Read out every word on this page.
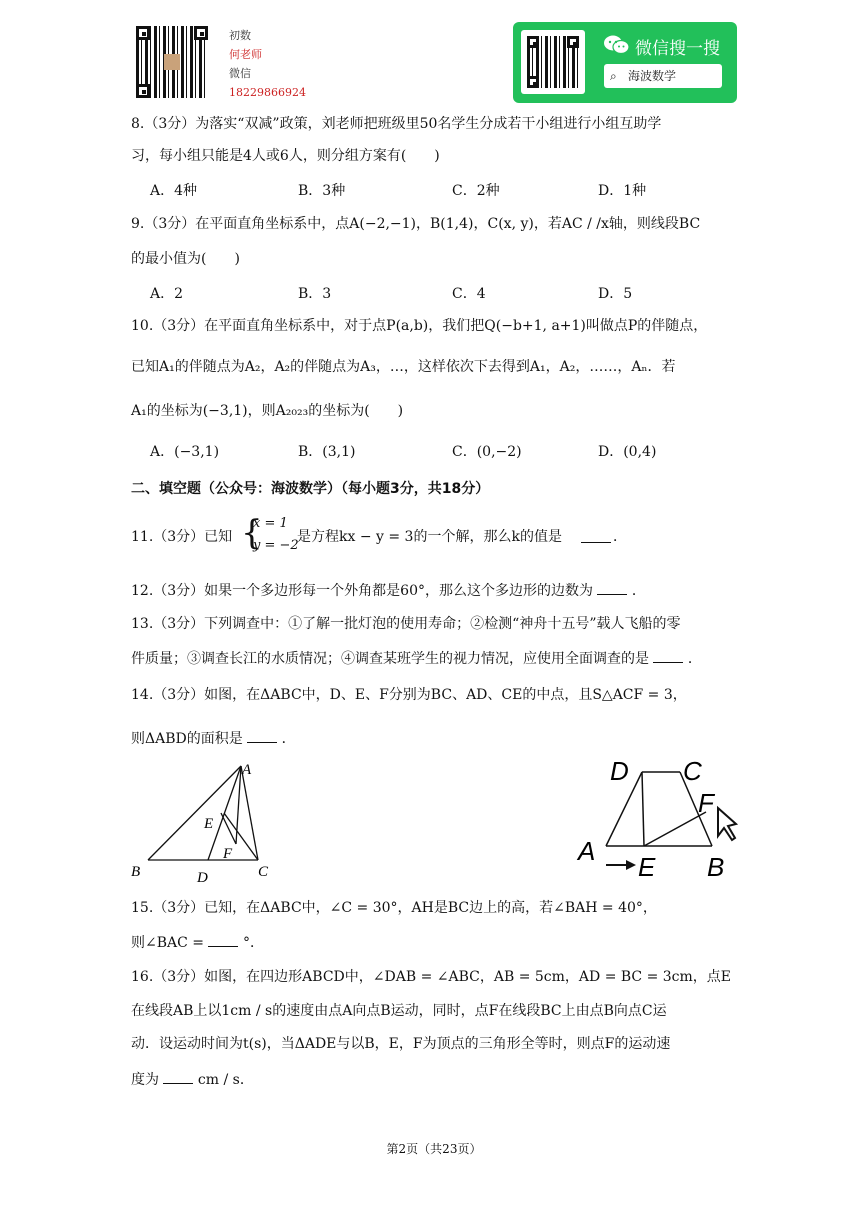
初数
何老师
微信
18229866924
微信搜一搜
⌕ 海波数学
8.（3分）为落实“双减”政策，刘老师把班级里50名学生分成若干小组进行小组互助学
习，每小组只能是4人或6人，则分组方案有(　　)
A．4种	B．3种	C．2种	D．1种
9.（3分）在平面直角坐标系中，点A(−2,−1)，B(1,4)，C(x, y)，若AC / /x轴，则线段BC
的最小值为(　　)
A．2	B．3	C．4	D．5
10.（3分）在平面直角坐标系中，对于点P(a,b)，我们把Q(−b+1, a+1)叫做点P的伴随点，
已知A₁的伴随点为A₂，A₂的伴随点为A₃，…，这样依次下去得到A₁，A₂，……，Aₙ．若
A₁的坐标为(−3,1)，则A₂₀₂₃的坐标为(　　)
A．(−3,1)	B．(3,1)	C．(0,−2)	D．(0,4)
二、填空题（公众号：海波数学）（每小题3分，共18分）
11.（3分）已知 {
x = 1
y = −2
是方程kx − y = 3的一个解，那么k的值是	．
12.（3分）如果一个多边形每一个外角都是60°，那么这个多边形的边数为	．
13.（3分）下列调查中：①了解一批灯泡的使用寿命；②检测“神舟十五号”载人飞船的零
件质量；③调查长江的水质情况；④调查某班学生的视力情况，应使用全面调查的是	．
14.（3分）如图，在ΔABC中，D、E、F分别为BC、AD、CE的中点，且S△ACF = 3，
则ΔABD的面积是	．
A
B	C
D
E
F
D C
F
A
E B
15.（3分）已知，在ΔABC中，∠C = 30°，AH是BC边上的高，若∠BAH = 40°，
则∠BAC =	°．
16.（3分）如图，在四边形ABCD中，∠DAB = ∠ABC，AB = 5cm，AD = BC = 3cm，点E
在线段AB上以1cm / s的速度由点A向点B运动，同时，点F在线段BC上由点B向点C运
动．设运动时间为t(s)，当ΔADE与以B，E，F为顶点的三角形全等时，则点F的运动速
度为	cm / s．
第2页（共23页）
